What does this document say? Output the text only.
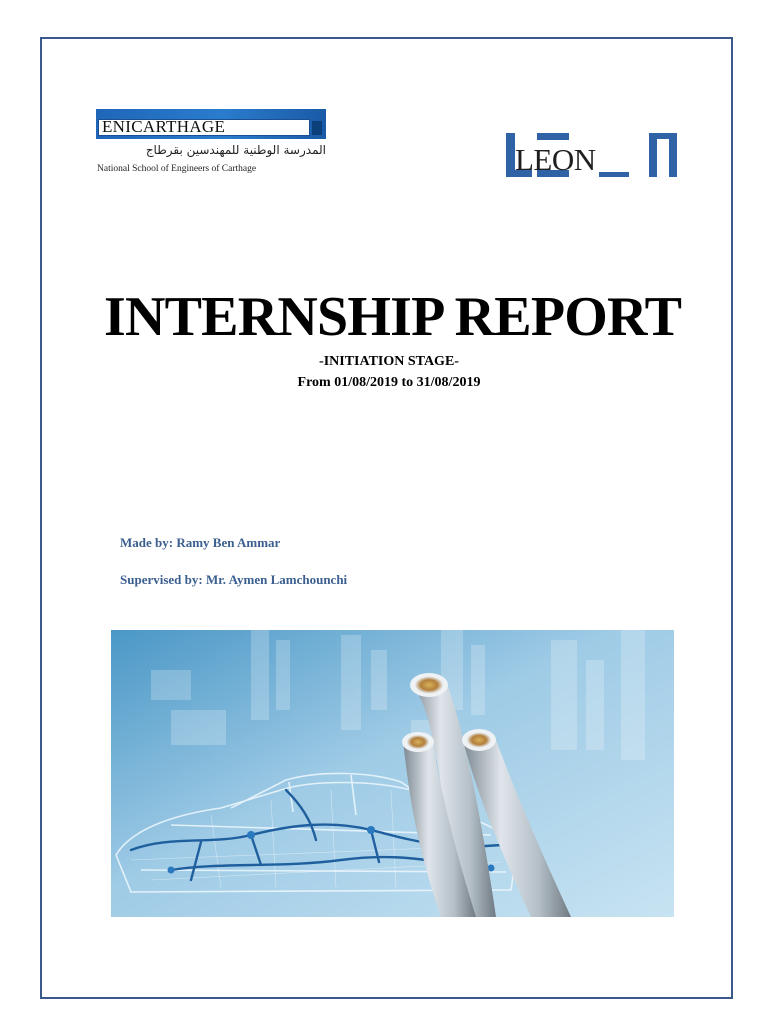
ENICARTHAGE
المدرسة الوطنية للمهندسين بقرطاج
National School of Engineers of Carthage	LEON
INTERNSHIP REPORT
-INITIATION STAGE-
From 01/08/2019 to 31/08/2019
Made by: Ramy Ben Ammar
Supervised by: Mr. Aymen Lamchounchi
